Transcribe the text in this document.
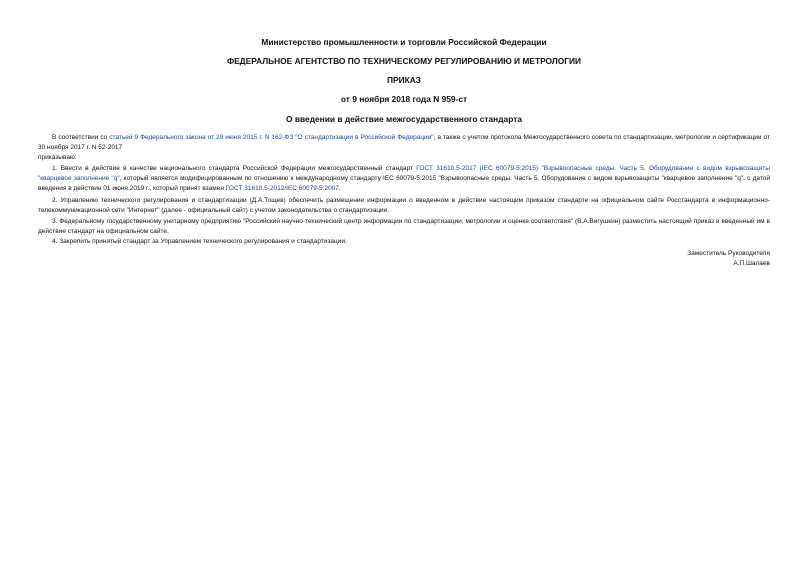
Министерство промышленности и торговли Российской Федерации
ФЕДЕРАЛЬНОЕ АГЕНТСТВО ПО ТЕХНИЧЕСКОМУ РЕГУЛИРОВАНИЮ И МЕТРОЛОГИИ
ПРИКАЗ
от 9 ноября 2018 года N 959-ст
О введении в действие межгосударственного стандарта
В соответствии со статьей 9 Федерального закона от 29 июня 2015 г. N 162-ФЗ "О стандартизации в Российской Федерации", а также с учетом протокола Межгосударственного совета по стандартизации, метрологии и сертификации от 30 ноября 2017 г. N 52-2017
приказываю:
1. Ввести в действие в качестве национального стандарта Российской Федерации межгосударственный стандарт ГОСТ 31610.5-2017 (IEC 60079-5:2015) "Взрывоопасные среды. Часть 5. Оборудование с видом взрывозащиты "кварцевое заполнение "q", который является модифицированным по отношению к международному стандарту IEC 60079-5:2015 "Взрывоопасные среды. Часть 5. Оборудование с видом взрывозащиты "кварцевое заполнение "q", с датой введения в действие 01 июня 2019 г., который принят взамен ГОСТ 31610.5-2012/IEC 60079-5:2007.
2. Управлению технического регулирования и стандартизации (Д.А.Тощев) обеспечить размещение информации о введенном в действие настоящим приказом стандарте на официальном сайте Росстандарта в информационно-телекоммуникационной сети "Интернет" (далее - официальный сайт) с учетом законодательства о стандартизации.
3. Федеральному государственному унитарному предприятию "Российский научно-технический центр информации по стандартизации, метрологии и оценке соответствия" (В.А.Вигушкин) разместить настоящий приказ и введенный им в действие стандарт на официальном сайте.
4. Закрепить принятый стандарт за Управлением технического регулирования и стандартизации.
Заместитель Руководителя
А.П.Шалаев
